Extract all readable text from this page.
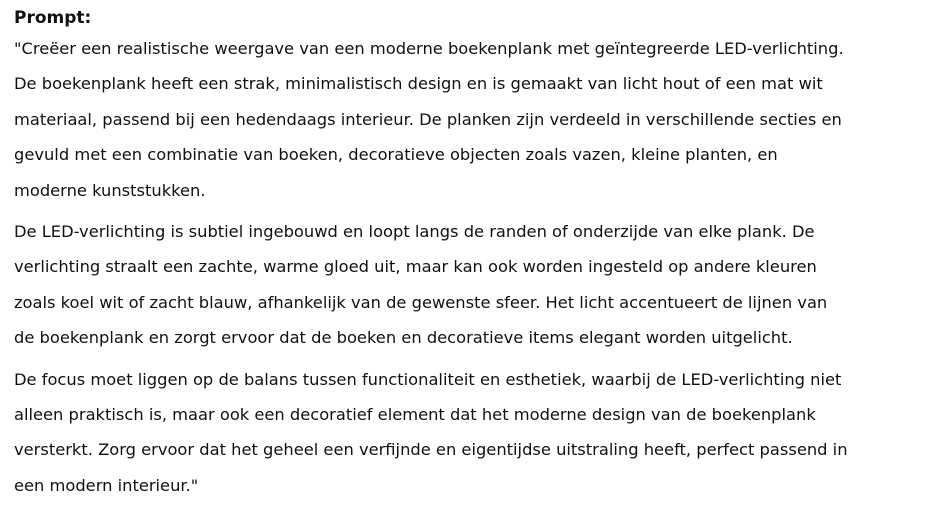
Prompt:

"Creëer een realistische weergave van een moderne boekenplank met geïntegreerde LED-verlichting.
De boekenplank heeft een strak, minimalistisch design en is gemaakt van licht hout of een mat wit
materiaal, passend bij een hedendaags interieur. De planken zijn verdeeld in verschillende secties en
gevuld met een combinatie van boeken, decoratieve objecten zoals vazen, kleine planten, en
moderne kunststukken.

De LED-verlichting is subtiel ingebouwd en loopt langs de randen of onderzijde van elke plank. De
verlichting straalt een zachte, warme gloed uit, maar kan ook worden ingesteld op andere kleuren
zoals koel wit of zacht blauw, afhankelijk van de gewenste sfeer. Het licht accentueert de lijnen van
de boekenplank en zorgt ervoor dat de boeken en decoratieve items elegant worden uitgelicht.

De focus moet liggen op de balans tussen functionaliteit en esthetiek, waarbij de LED-verlichting niet
alleen praktisch is, maar ook een decoratief element dat het moderne design van de boekenplank
versterkt. Zorg ervoor dat het geheel een verfijnde en eigentijdse uitstraling heeft, perfect passend in
een modern interieur."
